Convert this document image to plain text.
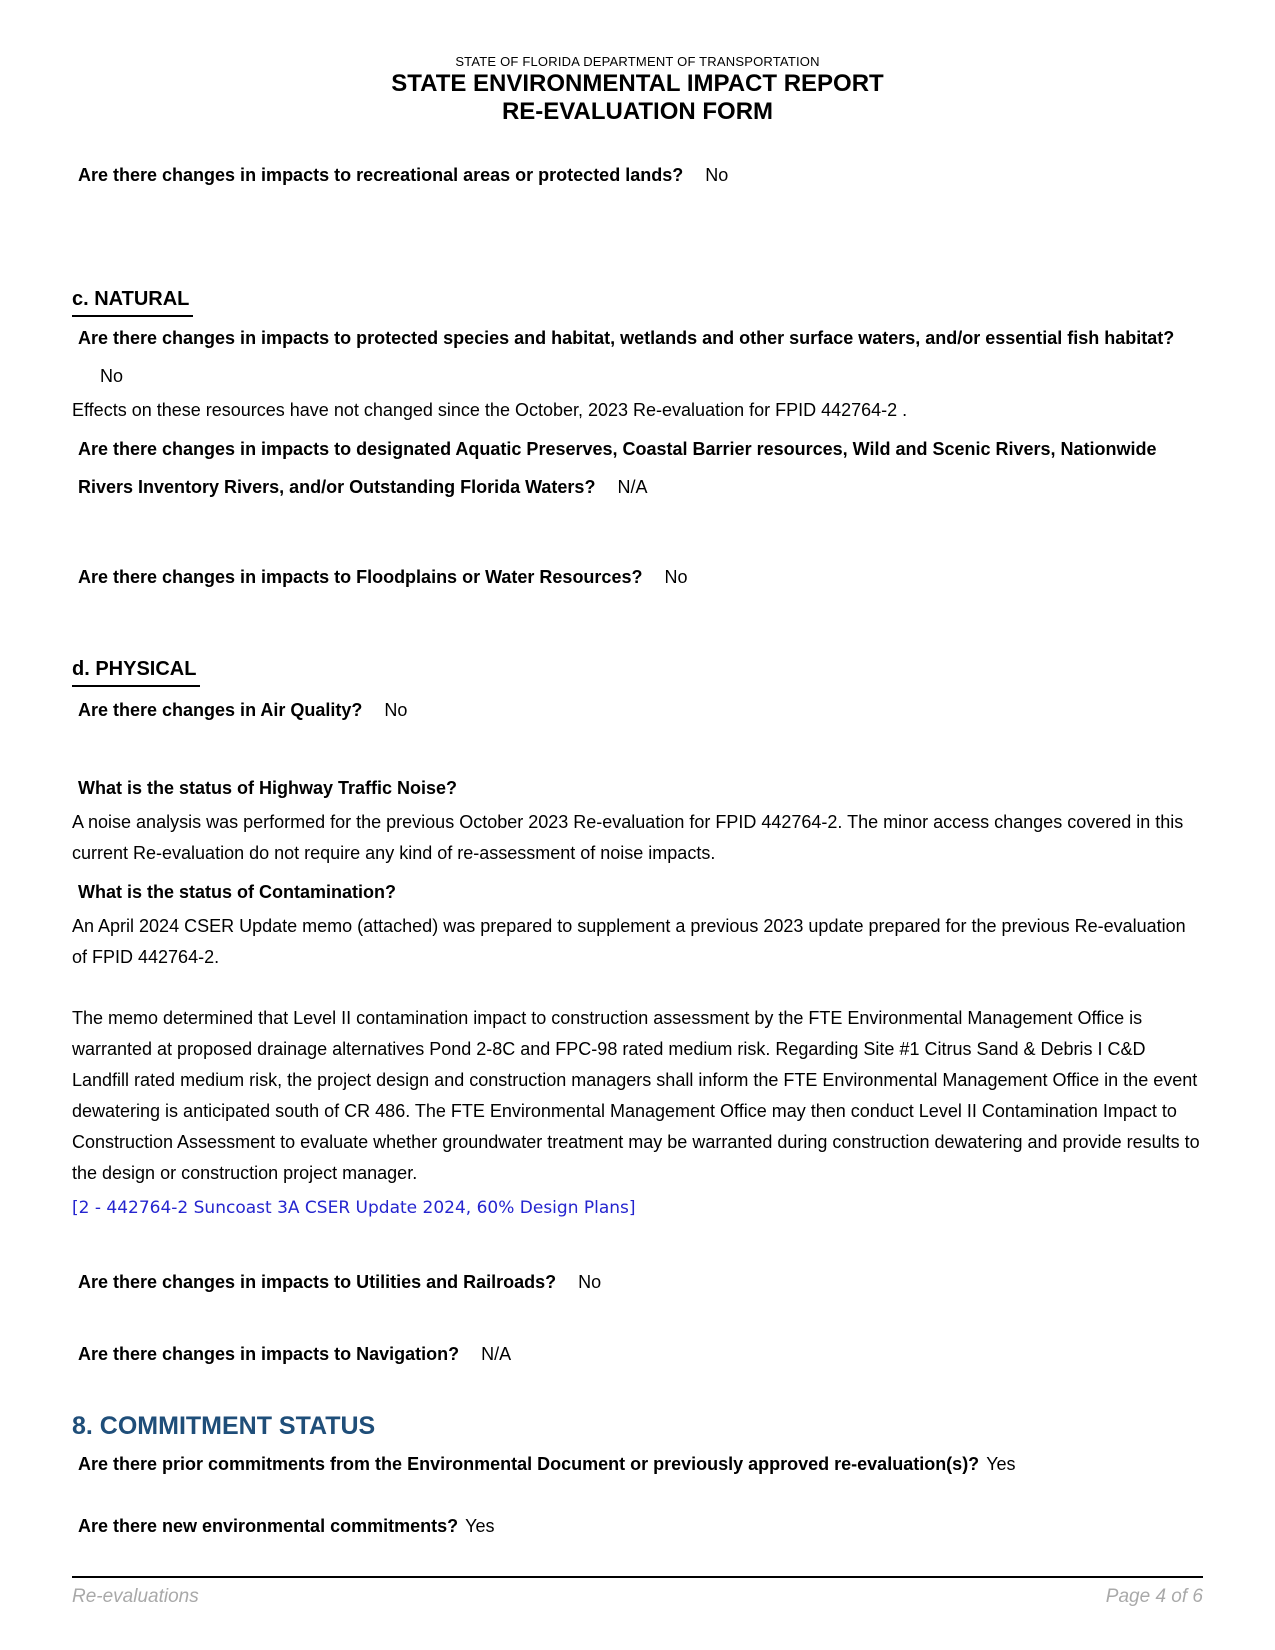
STATE OF FLORIDA DEPARTMENT OF TRANSPORTATION
STATE ENVIRONMENTAL IMPACT REPORT
RE-EVALUATION FORM

Are there changes in impacts to recreational areas or protected lands? No

c. NATURAL

Are there changes in impacts to protected species and habitat, wetlands and other surface waters, and/or essential fish habitat?No

Effects on these resources have not changed since the October, 2023 Re-evaluation for FPID 442764-2 .

Are there changes in impacts to designated Aquatic Preserves, Coastal Barrier resources, Wild and Scenic Rivers, Nationwide Rivers Inventory Rivers, and/or Outstanding Florida Waters? N/A

Are there changes in impacts to Floodplains or Water Resources? No

d. PHYSICAL

Are there changes in Air Quality? No

What is the status of Highway Traffic Noise?

A noise analysis was performed for the previous October 2023 Re-evaluation for FPID 442764-2. The minor access changes covered in this current Re-evaluation do not require any kind of re-assessment of noise impacts.

What is the status of Contamination?

An April 2024 CSER Update memo (attached) was prepared to supplement a previous 2023 update prepared for the previous Re-evaluation of FPID 442764-2.

The memo determined that Level II contamination impact to construction assessment by the FTE Environmental Management Office is warranted at proposed drainage alternatives Pond 2-8C and FPC-98 rated medium risk. Regarding Site #1 Citrus Sand & Debris I C&D Landfill rated medium risk, the project design and construction managers shall inform the FTE Environmental Management Office in the event dewatering is anticipated south of CR 486. The FTE Environmental Management Office may then conduct Level II Contamination Impact to Construction Assessment to evaluate whether groundwater treatment may be warranted during construction dewatering and provide results to the design or construction project manager.

[2 - 442764-2 Suncoast 3A CSER Update 2024, 60% Design Plans]

Are there changes in impacts to Utilities and Railroads? No

Are there changes in impacts to Navigation? N/A

8. COMMITMENT STATUS

Are there prior commitments from the Environmental Document or previously approved re-evaluation(s)? Yes

Are there new environmental commitments? Yes

Re-evaluations	Page 4 of 6
